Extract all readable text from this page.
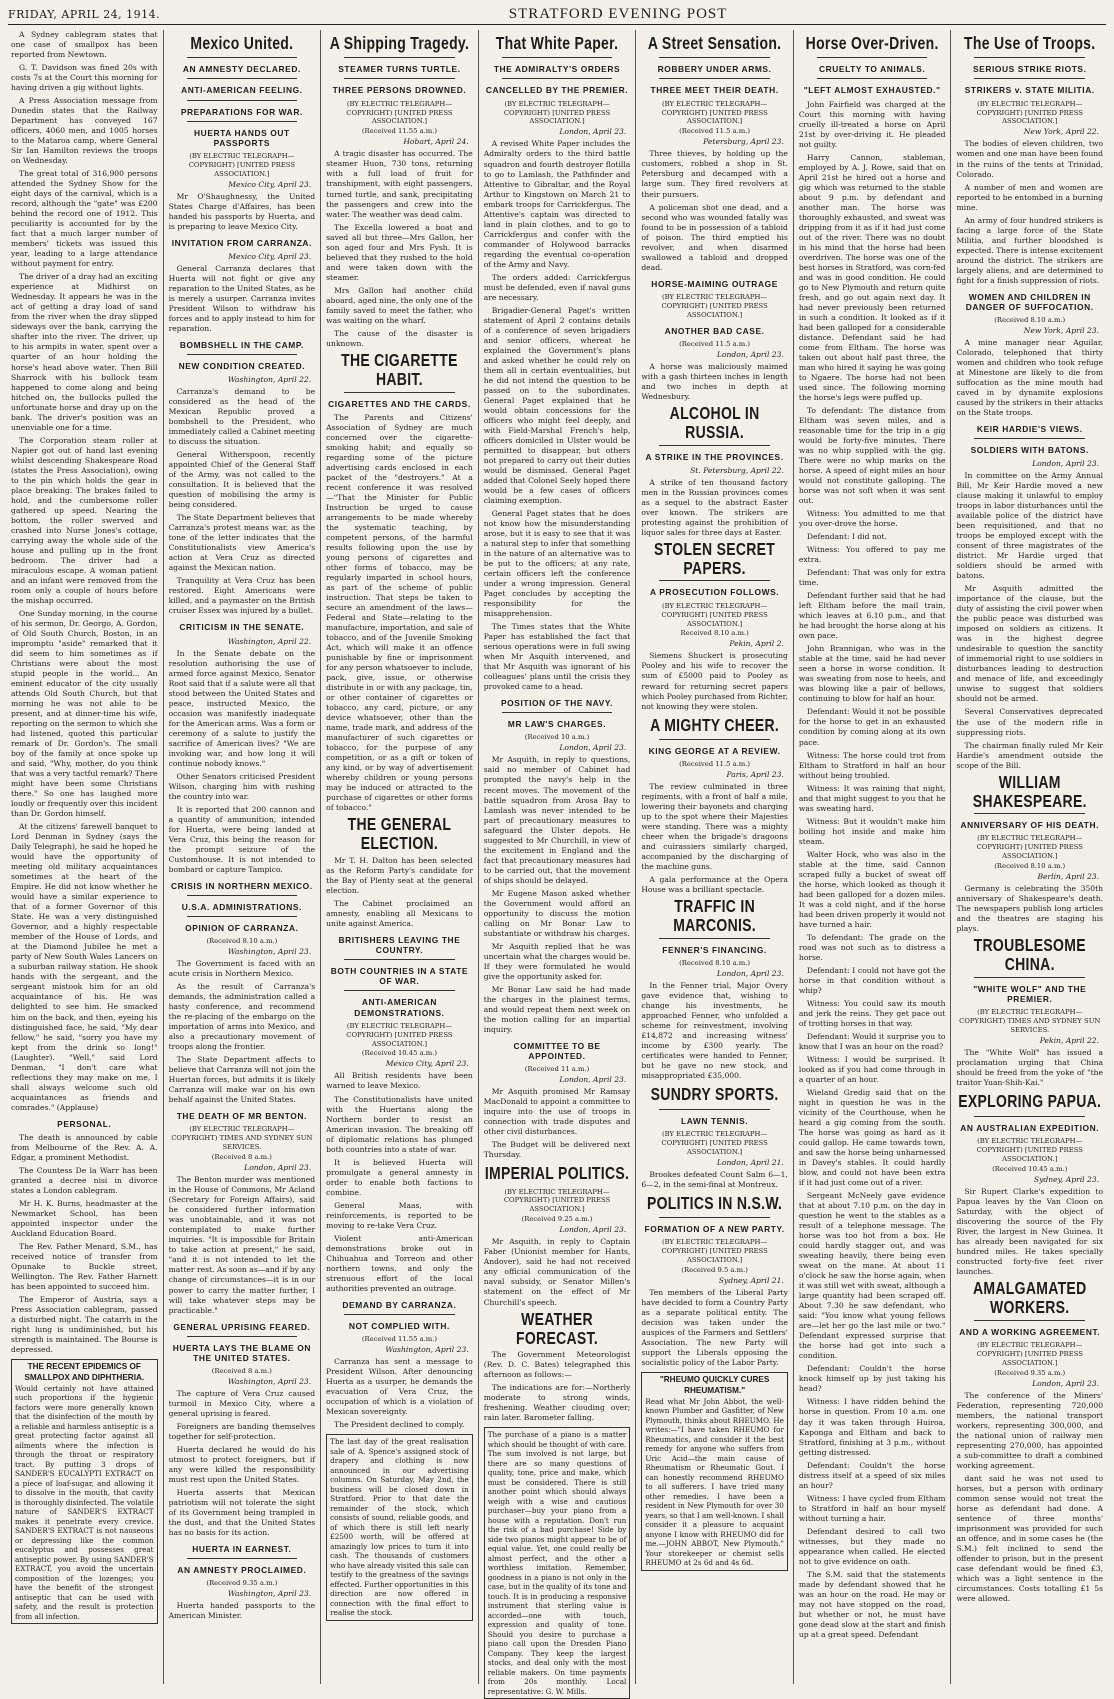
FRIDAY, APRIL 24, 1914.	STRATFORD EVENING POST

A Sydney cablegram states that one case of smallpox has been reported from Newtown.

G. T. Davidson was fined 20s with costs 7s at the Court this morning for having driven a gig without lights.

A Press Association message from Dunedin states that the Railway Department has conveyed 167 officers, 4060 men, and 1005 horses to the Mataroa camp, where General Sir Ian Hamilton reviews the troops on Wednesday.

The great total of 316,900 persons attended the Sydney Show for the eight days of the carnival, which is a record, although the "gate" was £200 behind the record one of 1912. This peculiarity is accounted for by the fact that a much larger number of members' tickets was issued this year, leading to a large attendance without payment for entry.

The driver of a dray had an exciting experience at Midhirst on Wednesday. It appears he was in the act of getting a dray load of sand from the river when the dray slipped sideways over the bank, carrying the shafter into the river. The driver, up to his armpits in water, spent over a quarter of an hour holding the horse's head above water. Then Bill Sharrock with his bullock team happened to come along and being hitched on, the bullocks pulled the unfortunate horse and dray up on the bank. The driver's position was an unenviable one for a time.

The Corporation steam roller at Napier got out of hand last evening whilst descending Shakespeare Road (states the Press Association), owing to the pin which holds the gear in place breaking. The brakes failed to hold, and the cumbersome roller gathered up speed. Nearing the bottom, the roller swerved and crashed into Nurse Jones's cottage, carrying away the whole side of the house and pulling up in the front bedroom. The driver had a miraculous escape. A woman patient and an infant were removed from the room only a couple of hours before the mishap occurred.

One Sunday morning, in the course of his sermon, Dr. Georgo, A. Gordon, of Old South Church, Boston, in an impromptu "aside" remarked that it did seem to him sometimes as if Christians were about the most stupid people in the world... An eminent educator of the city usually attends Old South Church, but that morning he was not able to be present, and at dinner-time his wife, reporting on the sermon to which she had listened, quoted this particular remark of Dr. Gordon's. The small boy of the family at once spoke up and said, "Why, mother, do you think that was a very tactful remark? There might have been some Christians there." So one has laughed more loudly or frequently over this incident than Dr. Gordon himself.

At the citizens' farewell banquet to Lord Denman in Sydney (says the Daily Telegraph), he said he hoped he would have the opportunity of meeting old military acquaintances sometimes at the heart of the Empire. He did not know whether he would have a similar experience to that of a former Governor of this State. He was a very distinguished Governor, and a highly respectable member of the House of Lords, and at the Diamond Jubilee he met a party of New South Wales Lancers on a suburban railway station. He shook hands with the sergeant, and the sergeant mistook him for an old acquaintance of his. He was delighted to see him. He smacked him on the back, and then, eyeing his distinguished face, he said, "My dear fellow," he said, "sorry you have my kept from the drink so long!" (Laughter). "Well," said Lord Denman, "I don't care what reflections they may make on me, I shall always welcome such old acquaintances as friends and comrades." (Applause)

PERSONAL.

The death is announced by cable from Melbourne of the Rev. A. A. Edgar, a prominent Methodist.

The Countess De la Warr has been granted a decree nisi in divorce states a London cablegram.

Mr H. K. Burns, headmaster at the Newmarket School, has been appointed inspector under the Auckland Education Board.

The Rev. Father Menard, S.M., has received notice of transfer from Opunake to Buckle street, Wellington. The Rev. Father Harnett has been appointed to succeed him.

The Emperor of Austria, says a Press Association cablegram, passed a disturbed night. The catarrh in the right lung is undiminished, but his strength is maintained. The Bourse is depressed.

THE RECENT EPIDEMICS OF SMALLPOX AND DIPHTHERIA.
Would certainly not have attained such proportions if the hygienic factors were more generally known that the disinfection of the mouth by a reliable and harmless antiseptic is a great protecting factor against all ailments where the infection is through the throat or respiratory tract. By putting 3 drops of SANDER'S EUCALYPTI EXTRACT on a piece of loaf-sugar, and allowing it to dissolve in the mouth, that cavity is thoroughly disinfected. The volatile nature of SANDER'S EXTRACT makes it penetrate every crevice. SANDER'S EXTRACT is not nauseous or depressing like the common eucalyptus and possesses great antiseptic power. By using SANDER'S EXTRACT, you avoid the uncertain composition of the lozenges; you have the benefit of the strongest antiseptic that can be used with safety, and the result is protection from all infection.
Mexico United.
AN AMNESTY DECLARED.
ANTI-AMERICAN FEELING.
PREPARATIONS FOR WAR.
HUERTA HANDS OUT PASSPORTS

(BY ELECTRIC TELEGRAPH—COPYRIGHT) [UNITED PRESS ASSOCIATION.]

Mexico City, April 23.

Mr O'Shaughnessy, the United States Charge d'Affaires, has been handed his passports by Huerta, and is preparing to leave Mexico City.

INVITATION FROM CARRANZA.

Mexico City, April 23.

General Carranza declares that Huerta will not fight or give any reparation to the United States, as he is merely a usurper. Carranza invites President Wilson to withdraw his forces and to apply instead to him for reparation.

BOMBSHELL IN THE CAMP.
NEW CONDITION CREATED.

Washington, April 22.

Carranza's demand to be considered as the head of the Mexican Republic proved a bombshell to the President, who immediately called a Cabinet meeting to discuss the situation.

General Witherspoon, recently appointed Chief of the General Staff of the Army, was not called to the consultation. It is believed that the question of mobilising the army is being considered.

The State Department believes that Carranza's protest means war, as the tone of the letter indicates that the Constitutionalists view America's action at Vera Cruz as directed against the Mexican nation.

Tranquility at Vera Cruz has been restored. Eight Americans were killed, and a paymaster on the British cruiser Essex was injured by a bullet.

CRITICISM IN THE SENATE.

Washington, April 22.

In the Senate debate on the resolution authorising the use of armed force against Mexico, Senator Root said that if a salute were all that stood between the United States and peace, instructed Mexico, the occasion was manifestly inadequate for the American arms. Was a form or ceremony of a salute to justify the sacrifice of American lives? "We are invoking war, and how long it will continue nobody knows."

Other Senators criticised President Wilson, charging him with rushing the country into war.

It is reported that 200 cannon and a quantity of ammunition, intended for Huerta, were being landed at Vera Cruz, this being the reason for the prompt seizure of the Customhouse. It is not intended to bombard or capture Tampico.

CRISIS IN NORTHERN MEXICO.
U.S.A. ADMINISTRATIONS.
OPINION OF CARRANZA.

(Received 8.10 a.m.)

Washington, April 23.

The Government is faced with an acute crisis in Northern Mexico.

As the result of Carranza's demands, the administration called a hasty conference, and recommend the re-placing of the embargo on the importation of arms into Mexico, and also a precautionary movement of troops along the frontier.

The State Department affects to believe that Carranza will not join the Huertan forces, but admits it is likely Carranza will make war on his own behalf against the United States.

THE DEATH OF MR BENTON.

(BY ELECTRIC TELEGRAPH—COPYRIGHT) TIMES AND SYDNEY SUN SERVICES.

(Received 8 a.m.)

London, April 23.

The Benton murder was mentioned in the House of Commons, Mr Acland (Secretary for Foreign Affairs), said he considered further information was unobtainable, and it was not contemplated to make further inquiries. "It is impossible for Britain to take action at present," he said, "and it is not intended to let the matter rest. As soon as—and if by any change of circumstances—it is in our power to carry the matter further, I will take whatever steps may be practicable."

GENERAL UPRISING FEARED.
HUERTA LAYS THE BLAME ON THE UNITED STATES.

(Received 8 a.m.)

Washington, April 23.

The capture of Vera Cruz caused turmoil in Mexico City, where a general uprising is feared.

Foreigners are banding themselves together for self-protection.

Huerta declared he would do his utmost to protect foreigners, but if any were killed the responsibility must rest upon the United States.

Huerta asserts that Mexican patriotism will not tolerate the sight of its Government being trampled in the dust, and that the United States has no basis for its action.

HUERTA IN EARNEST.
AN AMNESTY PROCLAIMED.

(Received 9.35 a.m.)

Washington, April 23.

Huerta handed passports to the American Minister.

A Shipping Tragedy.
STEAMER TURNS TURTLE.
THREE PERSONS DROWNED.

(BY ELECTRIC TELEGRAPH—COPYRIGHT) [UNITED PRESS ASSOCIATION.]

(Received 11.55 a.m.)

Hobart, April 24.

A tragic disaster has occurred. The steamer Huon, 730 tons, returning with a full load of fruit for transhipment, with eight passengers, turned turtle, and sank, precipitating the passengers and crew into the water. The weather was dead calm.

The Excella lowered a boat and saved all but three—Mrs Gallon, her son aged four and Mrs Fysh. It is believed that they rushed to the hold and were taken down with the steamer.

Mrs Gallon had another child aboard, aged nine, the only one of the family saved to meet the father, who was waiting on the wharf.

The cause of the disaster is unknown.

THE CIGARETTE HABIT.
CIGARETTES AND THE CARDS.

The Parents and Citizens' Association of Sydney are much concerned over the cigarette-smoking habit; and equally so regarding some of the picture advertising cards enclosed in each packet of the "destroyers." At a recent conference it was resolved—"That the Minister for Public Instruction be urged to cause arrangements to be made whereby the systematic teaching, by competent persons, of the harmful results following upon the use by young persons of cigarettes and other forms of tobacco, may be regularly imparted in school hours, as part of the scheme of public instruction. That steps be taken to secure an amendment of the laws—Federal and State—relating to the manufacture, importation, and sale of tobacco, and of the Juvenile Smoking Act, which will make it an offence punishable by fine or imprisonment for any person whatsoever to include, pack, give, issue, or otherwise distribute in or with any package, tin, or other container of cigarettes or tobacco, any card, picture, or any device whatsoever, other than the name, trade mark, and address of the manufacturer of such cigarettes or tobacco, for the purpose of any competition, or as a gift or token of any kind, or by way of advertisement whereby children or young persons may be induced or attracted to the purchase of cigarettes or other forms of tobacco."

THE GENERAL ELECTION.

Mr T. H. Dalton has been selected as the Reform Party's candidate for the Bay of Plenty seat at the general election.

The Cabinet proclaimed an amnesty, enabling all Mexicans to unite against America.

BRITISHERS LEAVING THE COUNTRY.
BOTH COUNTRIES IN A STATE OF WAR.
ANTI-AMERICAN DEMONSTRATIONS.

(BY ELECTRIC TELEGRAPH—COPYRIGHT) [UNITED PRESS ASSOCIATION.]

(Received 10.45 a.m.)

Mexico City, April 23.

All British residents have been warned to leave Mexico.

The Constitutionalists have united with the Huertans along the Northern border to resist an American invasion. The breaking off of diplomatic relations has plunged both countries into a state of war.

It is believed Huerta will promulgate a general amnesty in order to enable both factions to combine.

General Maas, with reinforcements, is reported to be moving to re-take Vera Cruz.

Violent anti-American demonstrations broke out in Chihuahua and Torreon and other northern towns, and only the strenuous effort of the local authorities prevented an outrage.

DEMAND BY CARRANZA.
NOT COMPLIED WITH.

(Received 11.55 a.m.)

Washington, April 23.

Carranza has sent a message to President Wilson. After denouncing Huerta as a usurper, he demands the evacuation of Vera Cruz, the occupation of which is a violation of Mexican sovereignty.

The President declined to comply.

The last day of the great realisation sale of A. Spence's assigned stock of drapery and clothing is now announced in our advertising columns. On Saturday, May 2nd, the business will be closed down in Stratford. Prior to that date the remainder of the stock, which consists of sound, reliable goods, and of which there is still left nearly £2500 worth, will be offered at amazingly low prices to turn it into cash. The thousands of customers who have already visited this sale can testify to the greatness of the savings effected. Further opportunities in this direction are now offered in connection with the final effort to realise the stock.
That White Paper.
THE ADMIRALTY'S ORDERS
CANCELLED BY THE PREMIER.

(BY ELECTRIC TELEGRAPH—COPYRIGHT) [UNITED PRESS ASSOCIATION.]

London, April 23.

A revised White Paper includes the Admiralty orders to the third battle squadron and fourth destroyer flotilla to go to Lamlash, the Pathfinder and Attentive to Gibraltar, and the Royal Arthur to Kingstown on March 21 to embark troops for Carrickfergus. The Attentive's captain was directed to land in plain clothes, and to go to Carrickfergus and confer with the commander of Holywood barracks regarding the eventual co-operation of the Army and Navy.

The orders added: Carrickfergus must be defended, even if naval guns are necessary.

Brigadier-General Paget's written statement of April 2 contains details of a conference of seven brigadiers and senior officers, whereat he explained the Government's plans and asked whether he could rely on them all in certain eventualities, but he did not intend the question to be passed on to the subordinates. General Paget explained that he would obtain concessions for the officers who might feel deeply, and with Field-Marshal French's help, officers domiciled in Ulster would be permitted to disappear, but others not prepared to carry out their duties would be dismissed. General Paget added that Colonel Seely hoped there would be a few cases of officers claiming exemption.

General Paget states that he does not know how the misunderstanding arose, but it is easy to see that it was a natural step to infer that something in the nature of an alternative was to be put to the officers; at any rate, certain officers left the conference under a wrong impression. General Paget concludes by accepting the responsibility for the misapprehension.

The Times states that the White Paper has established the fact that serious operations were in full swing when Mr Asquith intervened, and that Mr Asquith was ignorant of his colleagues' plans until the crisis they provoked came to a head.

POSITION OF THE NAVY.
MR LAW'S CHARGES.

(Received 10 a.m.)

London, April 23.

Mr Asquith, in reply to questions, said no member of Cabinet had prompted the navy's help in the recent moves. The movement of the battle squadron from Arosa Bay to Lamlash was never intended to be part of precautionary measures to safeguard the Ulster depots. He suggested to Mr Churchill, in view of the excitement in England and the fact that precautionary measures had to be carried out, that the movement of ships should be delayed.

Mr Eugene Mason asked whether the Government would afford an opportunity to discuss the motion calling on Mr Bonar Law to substantiate or withdraw his charges.

Mr Asquith replied that he was uncertain what the charges would be. If they were formulated he would give the opportunity asked for.

Mr Bonar Law said he had made the charges in the plainest terms, and would repeat them next week on the motion calling for an impartial inquiry.

COMMITTEE TO BE APPOINTED.

(Received 11 a.m.)

London, April 23.

Mr Asquith promised Mr Ramsay MacDonald to appoint a committee to inquire into the use of troops in connection with trade disputes and other civil disturbances.

The Budget will be delivered next Thursday.

IMPERIAL POLITICS.

(BY ELECTRIC TELEGRAPH—COPYRIGHT) [UNITED PRESS ASSOCIATION.]

(Received 9.25 a.m.)

London, April 23.

Mr Asquith, in reply to Captain Faber (Unionist member for Hants, Andover), said he had not received any official communication of the naval subsidy, or Senator Millen's statement on the effect of Mr Churchill's speech.

WEATHER FORECAST.

The Government Meteorologist (Rev. D. C. Bates) telegraphed this afternoon as follows:—

The indications are for:—Northerly moderate to strong winds, freshening. Weather clouding over; rain later. Barometer falling.

The purchase of a piano is a matter which should be thought of with care. The sum involved is not large, but there are so many questions of quality, tone, price and make, which must be considered. There is still another point which should always weigh with a wise and cautious purchaser—buy your piano from a house with a reputation. Don't run the risk of a bad purchase! Side by side two pianos might appear to be of equal value. Yet, one could really be almost perfect, and the other a worthless imitation. Remember, goodness in a piano is not only in the case, but in the quality of its tone and touch. It is in producing a responsive instrument that sterling value is accorded—one with touch, expression and quality of tone. Should you desire to purchase a piano call upon the Dresden Piano Company. They keep the largest stocks, and deal only with the most reliable makers. On time payments from 20s monthly. Local representative: G. W. Mills.
A Street Sensation.
ROBBERY UNDER ARMS.
THREE MEET THEIR DEATH.

(BY ELECTRIC TELEGRAPH—COPYRIGHT) [UNITED PRESS ASSOCIATION.]

(Received 11.5 a.m.)

Petersburg, April 23.

Three thieves, by holding up the customers, robbed a shop in St. Petersburg and decamped with a large sum. They fired revolvers at their pursuers.

A policeman shot one dead, and a second who was wounded fatally was found to be in possession of a tabloid of poison. The third emptied his revolver, and when disarmed swallowed a tabloid and dropped dead.

HORSE-MAIMING OUTRAGE

(BY ELECTRIC TELEGRAPH—COPYRIGHT) [UNITED PRESS ASSOCIATION.]

ANOTHER BAD CASE.

(Received 11.5 a.m.)

London, April 23.

A horse was maliciously maimed with a gash thirteen inches in length and two inches in depth at Wednesbury.

ALCOHOL IN RUSSIA.
A STRIKE IN THE PROVINCES.

St. Petersburg, April 22.

A strike of ten thousand factory men in the Russian provinces comes as a sequel to the abstract Easter over known. The strikers are protesting against the prohibition of liquor sales for three days at Easter.

STOLEN SECRET PAPERS.
A PROSECUTION FOLLOWS.

(BY ELECTRIC TELEGRAPH—COPYRIGHT) [UNITED PRESS ASSOCIATION.]

Received 8.10 a.m.)

Pekin, April 2.

Siemens Shuckert is prosecuting Pooley and his wife to recover the sum of £5000 paid to Pooley as reward for returning secret papers which Pooley purchased from Richter, not knowing they were stolen.

A MIGHTY CHEER.
KING GEORGE AT A REVIEW.

(Received 11.5 a.m.)

Paris, April 23.

The review culminated in three regiments, with a front of half a mile, lowering their bayonets and charging up to the spot where their Majesties were standing. There was a mighty cheer when the brigade's dragoons and cuirassiers similarly charged, accompanied by the discharging of the machine guns.

A gala performance at the Opera House was a brilliant spectacle.

TRAFFIC IN MARCONIS.
FENNER'S FINANCING.

(Received 8.10 a.m.)

London, April 23.

In the Fenner trial, Major Overy gave evidence that, wishing to change his investments, he approached Fenner, who unfolded a scheme for reinvestment, involving £14,872 and increasing witness' income by £300 yearly. The certificates were handed to Fenner, but he gave no new stock, and misappropriated £35,000.

SUNDRY SPORTS.
LAWN TENNIS.

(BY ELECTRIC TELEGRAPH—COPYRIGHT) [UNITED PRESS ASSOCIATION.]

London, April 21.

Brookes defeated Count Salm 6—1, 6—2, in the semi-final at Montreux.

POLITICS IN N.S.W.
FORMATION OF A NEW PARTY.

(BY ELECTRIC TELEGRAPH—COPYRIGHT) [UNITED PRESS ASSOCIATION.]

(Received 9.5 a.m.)

Sydney, April 21.

Ten members of the Liberal Party have decided to form a Country Party as a separate political entity. The decision was taken under the auspices of the Farmers and Settlers' Association. The new Party will support the Liberals opposing the socialistic policy of the Labor Party.

"RHEUMO QUICKLY CURES RHEUMATISM."
Read what Mr John Abbot, the well-known Plumber and Gasfitter, of New Plymouth, thinks about RHEUMO. He writes:—"I have taken RHEUMO for Rheumatics, and consider it the best remedy for anyone who suffers from Uric Acid—the main cause of Rheumatism or Rheumatic Gout. I can honestly recommend RHEUMO to all sufferers. I have tried many other remedies. I have been a resident in New Plymouth for over 30 years, so that I am well-known. I shall consider it a pleasure to acquaint anyone I know with RHEUMO did for me.—JOHN ABBOT, New Plymouth." Your storekeeper or chemist sells RHEUMO at 2s 6d and 4s 6d.
Horse Over-Driven.
CRUELTY TO ANIMALS.
"LEFT ALMOST EXHAUSTED."

John Fairfield was charged at the Court this morning with having cruelly ill-treated a horse on April 21st by over-driving it. He pleaded not guilty.

Harry Cannon, stableman, employed by A. J. Rowe, said that on April 21st he hired out a horse and gig which was returned to the stable about 9 p.m. by defendant and another man. The horse was thoroughly exhausted, and sweat was dripping from it as if it had just come out of the river. There was no doubt in his mind that the horse had been overdriven. The horse was one of the best horses in Stratford, was corn-fed and was in good condition. He could go to New Plymouth and return quite fresh, and go out again next day. It had never previously been returned in such a condition. It looked as if it had been galloped for a considerable distance. Defendant said he had come from Eltham. The horse was taken out about half past three, the man who hired it saying he was going to Ngaere. The horse had not been used since. The following morning the horse's legs were puffed up.

To defendant: The distance from Eltham was seven miles, and a reasonable time for the trip in a gig would be forty-five minutes. There was no whip supplied with the gig. There were no whip marks on the horse. A speed of eight miles an hour would not constitute galloping. The horse was not soft when it was sent out.

Witness: You admitted to me that you over-drove the horse.

Defendant: I did not.

Witness: You offered to pay me extra.

Defendant: That was only for extra time.

Defendant further said that he had left Eltham before the mail train, which leaves at 6.10 p.m., and that he had brought the horse along at his own pace.

John Brannigan, who was in the stable at the time, said he had never seen a horse in worse condition. It was sweating from nose to heels, and was blowing like a pair of bellows, continuing to blow for half an hour.

Defendant: Would it not be possible for the horse to get in an exhausted condition by coming along at its own pace.

Witness: The horse could trot from Eltham to Stratford in half an hour without being troubled.

Witness: It was raining that night, and that might suggest to you that he was sweating hard.

Witness: But it wouldn't make him boiling hot inside and make him steam.

Walter Hock, who was also in the stable at the time, said Cannon scraped fully a bucket of sweat off the horse, which looked as though it had been galloped for a dozen miles. It was a cold night, and if the horse had been driven properly it would not have turned a hair.

To defendant: The grade on the road was not such as to distress a horse.

Defendant: I could not have got the horse in that condition without a whip?

Witness: You could saw its mouth and jerk the reins. They get pace out of trotting horses in that way.

Defendant: Would it surprise you to know that I was an hour on the road?

Witness: I would be surprised. It looked as if you had come through in a quarter of an hour.

Wieland Gredig said that on the night in question he was in the vicinity of the Courthouse, when he heard a gig coming from the south. The horse was going as hard as it could gallop. He came towards town, and saw the horse being unharnessed in Davey's stables. It could hardly blow, and could not have been extra if it had just come out of a river.

Sergeant McNeely gave evidence that at about 7.10 p.m. on the day in question he went to the stables as a result of a telephone message. The horse was too hot from a box. He could hardly stagger out, and was sweating heavily, there being even sweat on the mane. At about 11 o'clock he saw the horse again, when it was still wet with sweat, although a large quantity had been scraped off. About 7.30 he saw defendant, who said: "You know what young fellows are—let her go the last mile or two." Defendant expressed surprise that the horse had got into such a condition.

Defendant: Couldn't the horse knock himself up by just taking his head?

Witness: I have ridden behind the horse in question. From 10 a.m. one day it was taken through Huiroa, Kaponga and Eltham and back to Stratford, finishing at 3 p.m., without getting distressed.

Defendant: Couldn't the horse distress itself at a speed of six miles an hour?

Witness: I have cycled from Eltham to Stratford in half an hour myself without turning a hair.

Defendant desired to call two witnesses, but they made no appearance when called. He elected not to give evidence on oath.

The S.M. said that the statements made by defendant showed that he was an hour on the road. He may or may not have stopped on the road, but whether or not, he must have gone dead slow at the start and finish up at a great speed. Defendant

The Use of Troops.
SERIOUS STRIKE RIOTS.
STRIKERS v. STATE MILITIA.

(BY ELECTRIC TELEGRAPH—COPYRIGHT) [UNITED PRESS ASSOCIATION.]

New York, April 22.

The bodies of eleven children, two women and one man have been found in the ruins of the tents at Trinidad, Colorado.

A number of men and women are reported to be entombed in a burning mine.

An army of four hundred strikers is facing a large force of the State Militia, and further bloodshed is expected. There is intense excitement around the district. The strikers are largely aliens, and are determined to fight for a finish suppression of riots.

WOMEN AND CHILDREN IN DANGER OF SUFFOCATION.

(Received 8.10 a.m.)

New York, April 23.

A mine manager near Aguilar, Colorado, telephoned that thirty women and children who took refuge at Minestone are likely to die from suffocation as the mine mouth had caved in by dynamite explosions caused by the strikers in their attacks on the State troops.

KEIR HARDIE'S VIEWS.
SOLDIERS WITH BATONS.

London, April 23.

In committee on the Army Annual Bill, Mr Keir Hardie moved a new clause making it unlawful to employ troops in labor disturbances until the available police of the district have been requisitioned, and that no troops be employed except with the consent of three magistrates of the district. Mr Hardie urged that soldiers should be armed with batons.

Mr Asquith admitted the importance of the clause, but the duty of assisting the civil power when the public peace was disturbed was imposed on soldiers as citizens. It was in the highest degree undesirable to question the sanctity of immemorial right to use soldiers in disturbances leading to destruction and menace of life, and exceedingly unwise to suggest that soldiers should not be armed.

Several Conservatives deprecated the use of the modern rifle in suppressing riots.

The chairman finally ruled Mr Keir Hardie's amendment outside the scope of the Bill.

WILLIAM SHAKESPEARE.
ANNIVERSARY OF HIS DEATH.

(BY ELECTRIC TELEGRAPH—COPYRIGHT) [UNITED PRESS ASSOCIATION.]

(Received 8.10 a.m.)

Berlin, April 23.

Germany is celebrating the 350th anniversary of Shakespeare's death. The newspapers publish long articles and the theatres are staging his plays.

TROUBLESOME CHINA.
"WHITE WOLF" AND THE PREMIER.

(BY ELECTRIC TELEGRAPH—COPYRIGHT) TIMES AND SYDNEY SUN SERVICES.

Pekin, April 22.

The "White Wolf" has issued a proclamation urging that China should be freed from the yoke of "the traitor Yuan-Shih-Kai."

EXPLORING PAPUA.
AN AUSTRALIAN EXPEDITION.

(BY ELECTRIC TELEGRAPH—COPYRIGHT) [UNITED PRESS ASSOCIATION.]

(Received 10.45 a.m.)

Sydney, April 23.

Sir Rupert Clarke's expedition to Papua leaves by the Van Cloon on Saturday, with the object of discovering the source of the Fly River, the largest in New Guinea. It has already been navigated for six hundred miles. He takes specially constructed forty-five feet river launches.

AMALGAMATED WORKERS.
AND A WORKING AGREEMENT.

(BY ELECTRIC TELEGRAPH—COPYRIGHT) [UNITED PRESS ASSOCIATION.]

(Received 9.35 a.m.)

London, April 23.

The conference of the Miners' Federation, representing 720,000 members, the national transport workers, representing 300,000, and the national union of railway men representing 270,000, has appointed a sub-committee to draft a combined working agreement.

dant said he was not used to horses, but a person with ordinary common sense would not treat the horse as defendant had done. A sentence of three months' imprisonment was provided for such an offence, and in some cases he (the S.M.) felt inclined to send the offender to prison, but in the present case defendant would be fined £3, which was a light sentence in the circumstances. Costs totalling £1 5s were allowed.
